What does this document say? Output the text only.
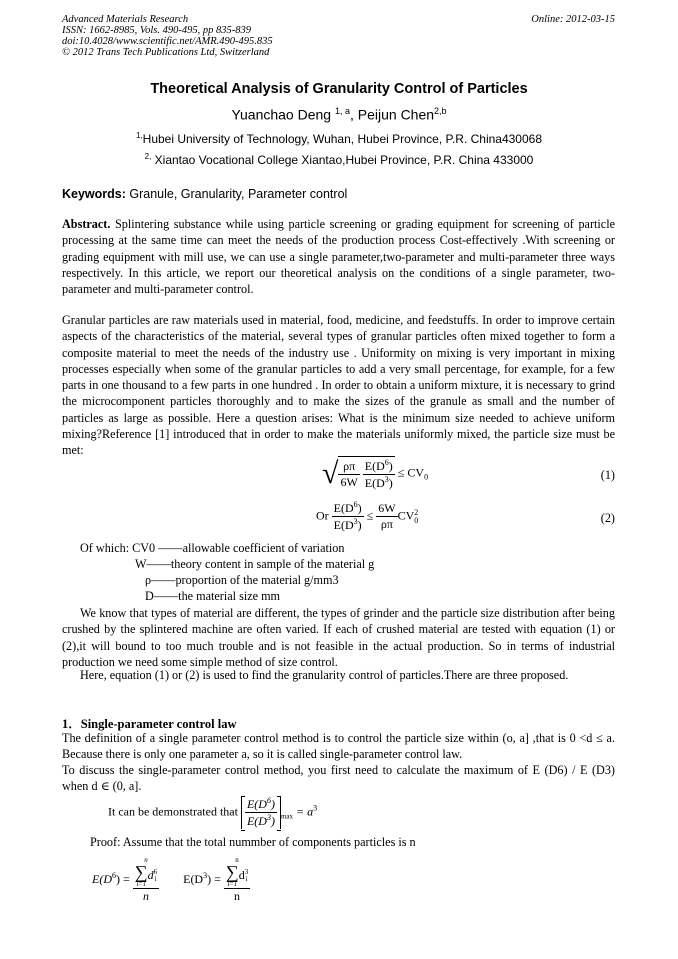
Advanced Materials Research
ISSN: 1662-8985, Vols. 490-495, pp 835-839
doi:10.4028/www.scientific.net/AMR.490-495.835
© 2012 Trans Tech Publications Ltd, Switzerland
Online: 2012-03-15
Theoretical Analysis of Granularity Control of Particles
Yuanchao Deng $^{1, a}$, Peijun Chen$^{2,b}$
$^{1,}$Hubei University of Technology, Wuhan, Hubei Province, P.R. China430068
$^{2,}$ Xiantao Vocational College Xiantao,Hubei Province, P.R. China 433000
Keywords: Granule, Granularity, Parameter control
Abstract. Splintering substance while using particle screening or grading equipment for screening of particle processing at the same time can meet the needs of the production process Cost-effectively .With screening or grading equipment with mill use, we can use a single parameter,two-parameter and multi-parameter three ways respectively. In this article, we report our theoretical analysis on the conditions of a single parameter, two-parameter and multi-parameter control.
Granular particles are raw materials used in material, food, medicine, and feedstuffs. In order to improve certain aspects of the characteristics of the material, several types of granular particles often mixed together to form a composite material to meet the needs of the industry use . Uniformity on mixing is very important in mixing processes especially when some of the granular particles to add a very small percentage, for example, for a few parts in one thousand to a few parts in one hundred . In order to obtain a uniform mixture, it is necessary to grind the microcomponent particles thoroughly and to make the sizes of the granule as small and the number of particles as large as possible. Here a question arises: What is the minimum size needed to achieve uniform mixing?Reference [1] introduced that in order to make the materials uniformly mixed, the particle size must be met:
√ $\frac{\rho\pi}{6W}$
$\frac{E(D^6)}{E(D^3)} \le CV_0$	(1)
Or $\frac{E(D^6)}{E(D^3)} \le \frac{6W}{\rho\pi}$ CV 2
0	(2)
Of which: CV0 ——allowable coefficient of variation
W——theory content in sample of the material g
ρ——proportion of the material g/mm3
D——the material size mm
We know that types of material are different, the types of grinder and the particle size distribution after being crushed by the splintered machine are often varied. If each of crushed material are tested with equation (1) or (2),it will bound to too much trouble and is not feasible in the actual production. So in terms of industrial production we need some simple method of size control.
Here, equation (1) or (2) is used to find the granularity control of particles.There are three proposed.
1．Single-parameter control law
The definition of a single parameter control method is to control the particle size within (o, a] ,that is 0 <d ≤ a. Because there is only one parameter a, so it is called single-parameter control law.
To discuss the single-parameter control method, you first need to calculate the maximum of E (D6) / E (D3) when d ∈ (0, a].
It can be demonstrated that $\frac{E(D^6)}{E(D^3)} _{max} = a^3$
Proof: Assume that the total nummber of components particles is n
$E(D^6) = n$
∑
i=1
d 6
i
n $E(D^3) = n$
∑
i=1
d 3
i
n
